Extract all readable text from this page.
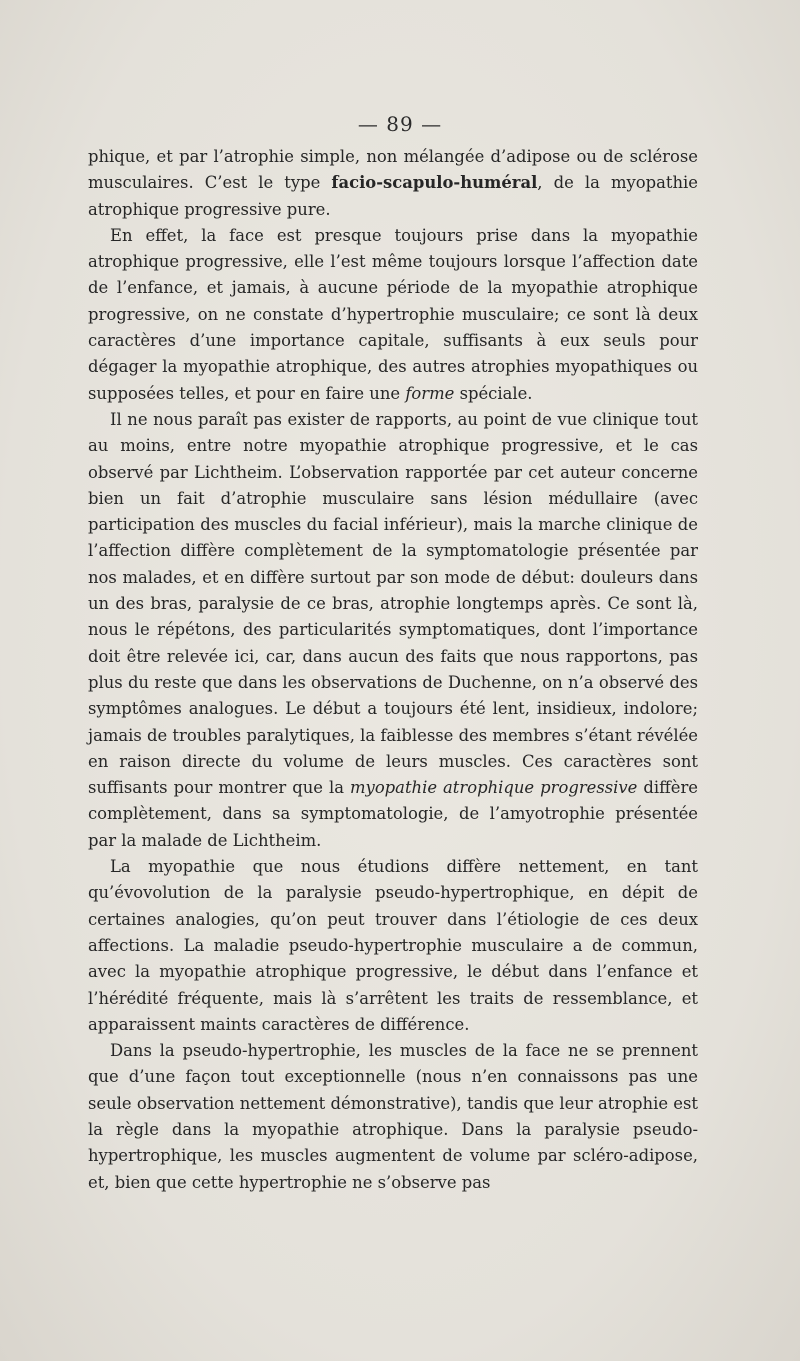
— 89 —

phique, et par l’atrophie simple, non mélangée d’adipose ou de sclérose musculaires. C’est le type facio-scapulo-huméral, de la myopathie atrophique progressive pure.

En effet, la face est presque toujours prise dans la myopathie atrophique progressive, elle l’est même toujours lorsque l’affection date de l’enfance, et jamais, à aucune période de la myopathie atrophique progressive, on ne constate d’hypertrophie musculaire; ce sont là deux caractères d’une importance capitale, suffisants à eux seuls pour dégager la myopathie atrophique, des autres atrophies myopathiques ou supposées telles, et pour en faire une forme spéciale.

Il ne nous paraît pas exister de rapports, au point de vue clinique tout au moins, entre notre myopathie atrophique progressive, et le cas observé par Lichtheim. L’observation rapportée par cet auteur concerne bien un fait d’atrophie musculaire sans lésion médullaire (avec participation des muscles du facial inférieur), mais la marche clinique de l’affection diffère complètement de la symptomatologie présentée par nos malades, et en diffère surtout par son mode de début: douleurs dans un des bras, paralysie de ce bras, atrophie longtemps après. Ce sont là, nous le répétons, des particularités symptomatiques, dont l’importance doit être relevée ici, car, dans aucun des faits que nous rapportons, pas plus du reste que dans les observations de Duchenne, on n’a observé des symptômes analogues. Le début a toujours été lent, insidieux, indolore; jamais de troubles paralytiques, la faiblesse des membres s’étant révélée en raison directe du volume de leurs muscles. Ces caractères sont suffisants pour montrer que la myopathie atrophique progressive diffère complètement, dans sa symptomatologie, de l’amyotrophie présentée par la malade de Lichtheim.

La myopathie que nous étudions diffère nettement, en tant qu’évovolution de la paralysie pseudo-hypertrophique, en dépit de certaines analogies, qu’on peut trouver dans l’étiologie de ces deux affections. La maladie pseudo-hypertrophie musculaire a de commun, avec la myopathie atrophique progressive, le début dans l’enfance et l’hérédité fréquente, mais là s’arrêtent les traits de ressemblance, et apparaissent maints caractères de différence.

Dans la pseudo-hypertrophie, les muscles de la face ne se prennent que d’une façon tout exceptionnelle (nous n’en connaissons pas une seule observation nettement démonstrative), tandis que leur atrophie est la règle dans la myopathie atrophique. Dans la paralysie pseudo-hypertrophique, les muscles augmentent de volume par scléro-adipose, et, bien que cette hypertrophie ne s’observe pas
